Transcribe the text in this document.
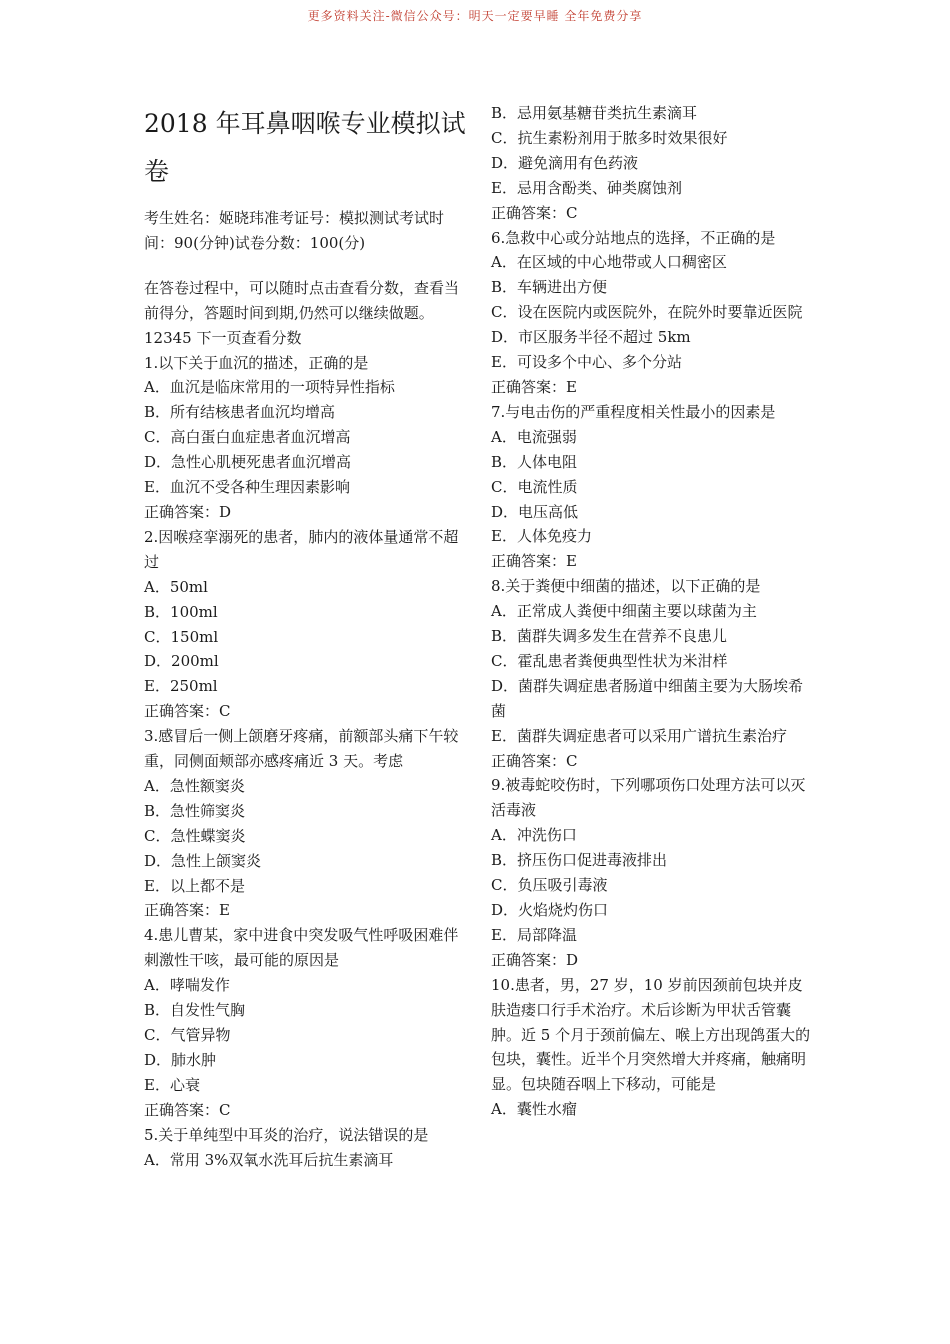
更多资料关注-微信公众号：明天一定要早睡 全年免费分享
2018 年耳鼻咽喉专业模拟试卷
考生姓名：姬晓玮准考证号：模拟测试考试时间：90(分钟)试卷分数：100(分)
在答卷过程中，可以随时点击查看分数，查看当前得分，答题时间到期,仍然可以继续做题。
12345 下一页查看分数
1.以下关于血沉的描述，正确的是
A．血沉是临床常用的一项特异性指标
B．所有结核患者血沉均增高
C．高白蛋白血症患者血沉增高
D．急性心肌梗死患者血沉增高
E．血沉不受各种生理因素影响
正确答案：D
2.因喉痉挛溺死的患者，肺内的液体量通常不超过
A．50ml
B．100ml
C．150ml
D．200ml
E．250ml
正确答案：C
3.感冒后一侧上颌磨牙疼痛，前额部头痛下午较重，同侧面颊部亦感疼痛近 3 天。考虑
A．急性额窦炎
B．急性筛窦炎
C．急性蝶窦炎
D．急性上颌窦炎
E．以上都不是
正确答案：E
4.患儿曹某，家中进食中突发吸气性呼吸困难伴刺激性干咳，最可能的原因是
A．哮喘发作
B．自发性气胸
C．气管异物
D．肺水肿
E．心衰
正确答案：C
5.关于单纯型中耳炎的治疗，说法错误的是
A．常用 3%双氧水洗耳后抗生素滴耳
B．忌用氨基糖苷类抗生素滴耳
C．抗生素粉剂用于脓多时效果很好
D．避免滴用有色药液
E．忌用含酚类、砷类腐蚀剂
正确答案：C
6.急救中心或分站地点的选择，不正确的是
A．在区域的中心地带或人口稠密区
B．车辆进出方便
C．设在医院内或医院外，在院外时要靠近医院
D．市区服务半径不超过 5km
E．可设多个中心、多个分站
正确答案：E
7.与电击伤的严重程度相关性最小的因素是
A．电流强弱
B．人体电阻
C．电流性质
D．电压高低
E．人体免疫力
正确答案：E
8.关于粪便中细菌的描述，以下正确的是
A．正常成人粪便中细菌主要以球菌为主
B．菌群失调多发生在营养不良患儿
C．霍乱患者粪便典型性状为米泔样
D．菌群失调症患者肠道中细菌主要为大肠埃希菌
E．菌群失调症患者可以采用广谱抗生素治疗
正确答案：C
9.被毒蛇咬伤时，下列哪项伤口处理方法可以灭活毒液
A．冲洗伤口
B．挤压伤口促进毒液排出
C．负压吸引毒液
D．火焰烧灼伤口
E．局部降温
正确答案：D
10.患者，男，27 岁，10 岁前因颈前包块并皮肤造瘘口行手术治疗。术后诊断为甲状舌管囊肿。近 5 个月于颈前偏左、喉上方出现鸽蛋大的包块，囊性。近半个月突然增大并疼痛，触痛明显。包块随吞咽上下移动，可能是
A．囊性水瘤
